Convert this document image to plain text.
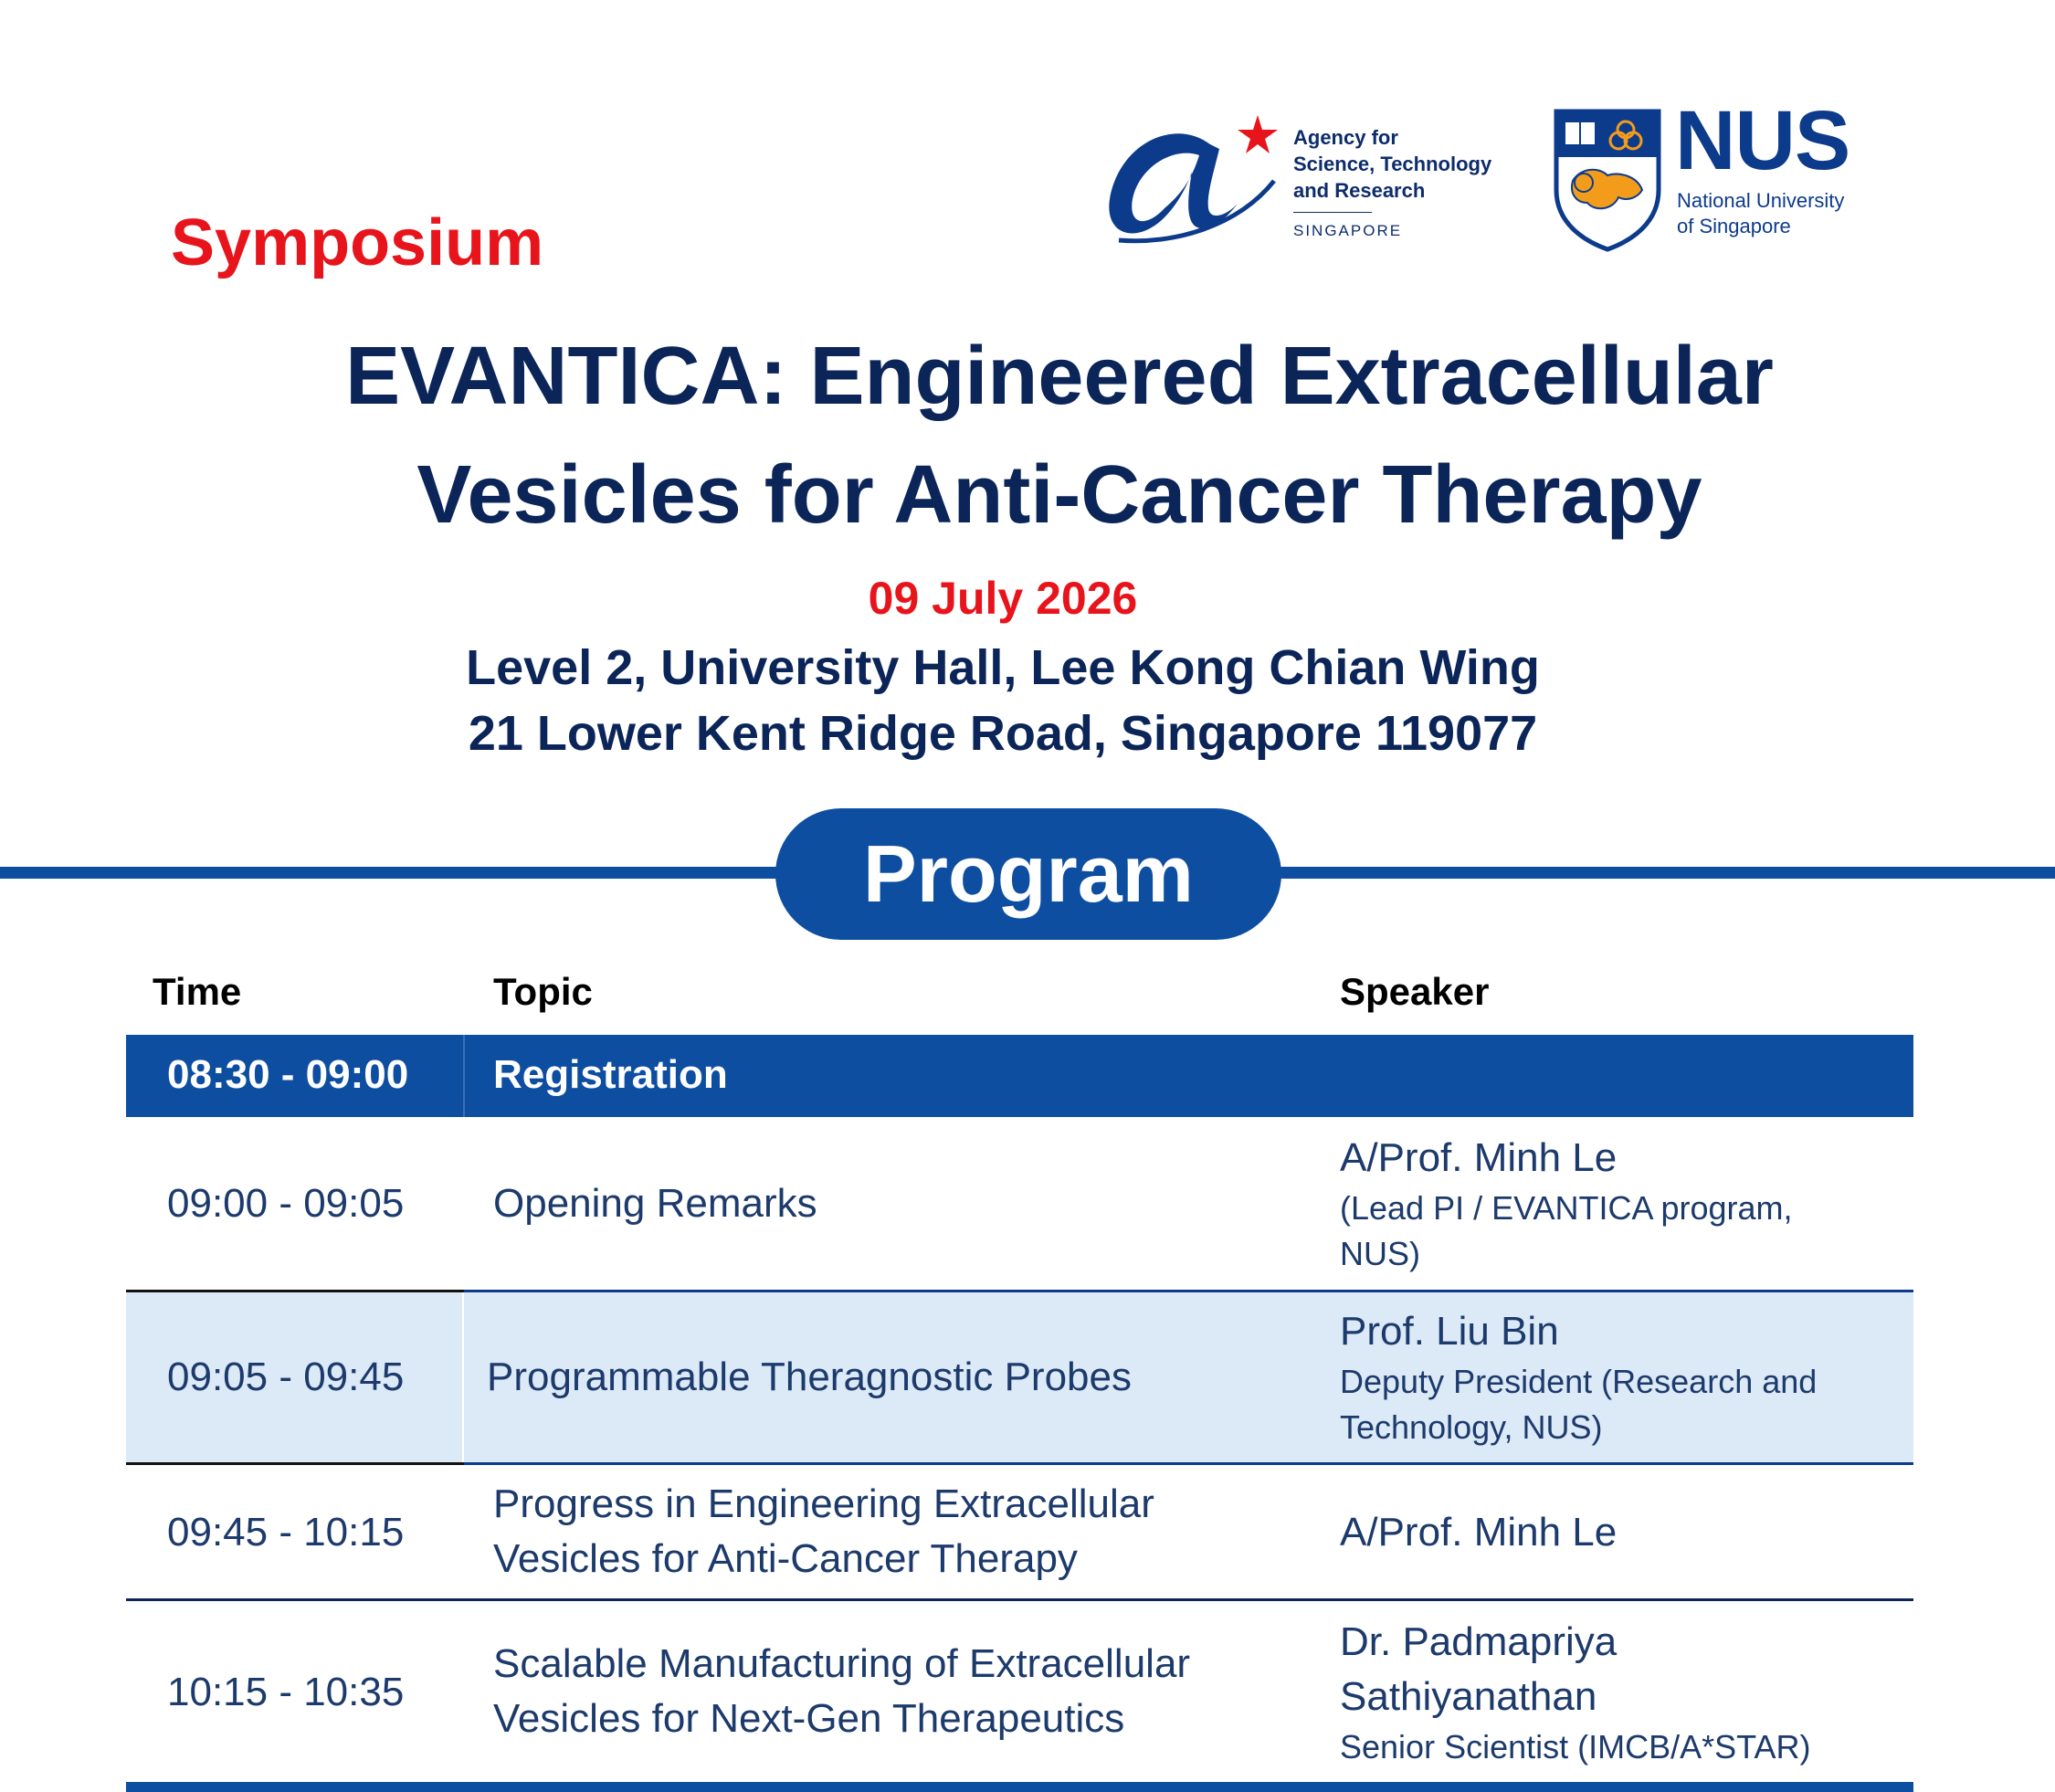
Symposium
Agency for
Science, Technology
and Research
SINGAPORE
NUS
National University
of Singapore
EVANTICA: Engineered Extracellular
Vesicles for Anti-Cancer Therapy
09 July 2026
Level 2, University Hall, Lee Kong Chian Wing
21 Lower Kent Ridge Road, Singapore 119077
Program
Time	Topic	Speaker
08:30 - 09:00 Registration
09:00 - 09:05 Opening Remarks
A/Prof. Minh Le
(Lead PI / EVANTICA program,
NUS)
09:05 - 09:45 Programmable Theragnostic Probes
Prof. Liu Bin
Deputy President (Research and
Technology, NUS)
09:45 - 10:15
Progress in Engineering Extracellular
Vesicles for Anti-Cancer Therapy
A/Prof. Minh Le
10:15 - 10:35
Scalable Manufacturing of Extracellular
Vesicles for Next-Gen Therapeutics
Dr. Padmapriya
Sathiyanathan
Senior Scientist (IMCB/A*STAR)
